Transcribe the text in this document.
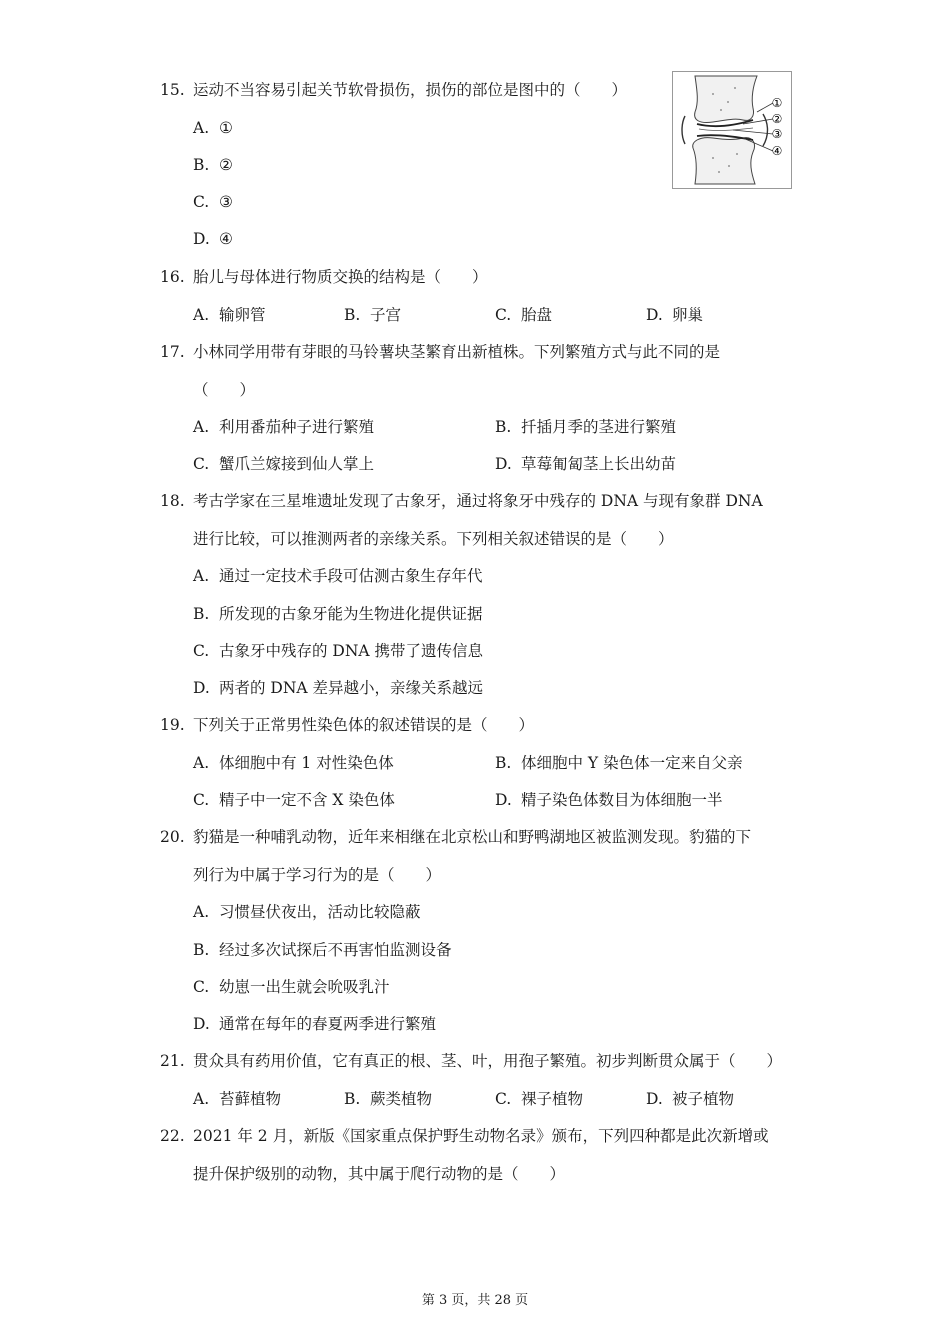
15. 运动不当容易引起关节软骨损伤，损伤的部位是图中的（　　）
A. ①
B. ②
C. ③
D. ④
①
②
③
④
16. 胎儿与母体进行物质交换的结构是（　　）
A. 输卵管	B. 子宫	C. 胎盘	D. 卵巢
17. 小林同学用带有芽眼的马铃薯块茎繁育出新植株。下列繁殖方式与此不同的是
（　　）
A. 利用番茄种子进行繁殖	B. 扦插月季的茎进行繁殖
C. 蟹爪兰嫁接到仙人掌上	D. 草莓匍匐茎上长出幼苗
18. 考古学家在三星堆遗址发现了古象牙，通过将象牙中残存的 DNA 与现有象群 DNA
进行比较，可以推测两者的亲缘关系。下列相关叙述错误的是（　　）
A. 通过一定技术手段可估测古象生存年代
B. 所发现的古象牙能为生物进化提供证据
C. 古象牙中残存的 DNA 携带了遗传信息
D. 两者的 DNA 差异越小，亲缘关系越远
19. 下列关于正常男性染色体的叙述错误的是（　　）
A. 体细胞中有 1 对性染色体	B. 体细胞中 Y 染色体一定来自父亲
C. 精子中一定不含 X 染色体	D. 精子染色体数目为体细胞一半
20. 豹猫是一种哺乳动物，近年来相继在北京松山和野鸭湖地区被监测发现。豹猫的下
列行为中属于学习行为的是（　　）
A. 习惯昼伏夜出，活动比较隐蔽
B. 经过多次试探后不再害怕监测设备
C. 幼崽一出生就会吮吸乳汁
D. 通常在每年的春夏两季进行繁殖
21. 贯众具有药用价值，它有真正的根、茎、叶，用孢子繁殖。初步判断贯众属于（　　）
A. 苔藓植物	B. 蕨类植物	C. 裸子植物	D. 被子植物
22. 2021 年 2 月，新版《国家重点保护野生动物名录》颁布，下列四种都是此次新增或
提升保护级别的动物，其中属于爬行动物的是（　　）
第 3 页，共 28 页
